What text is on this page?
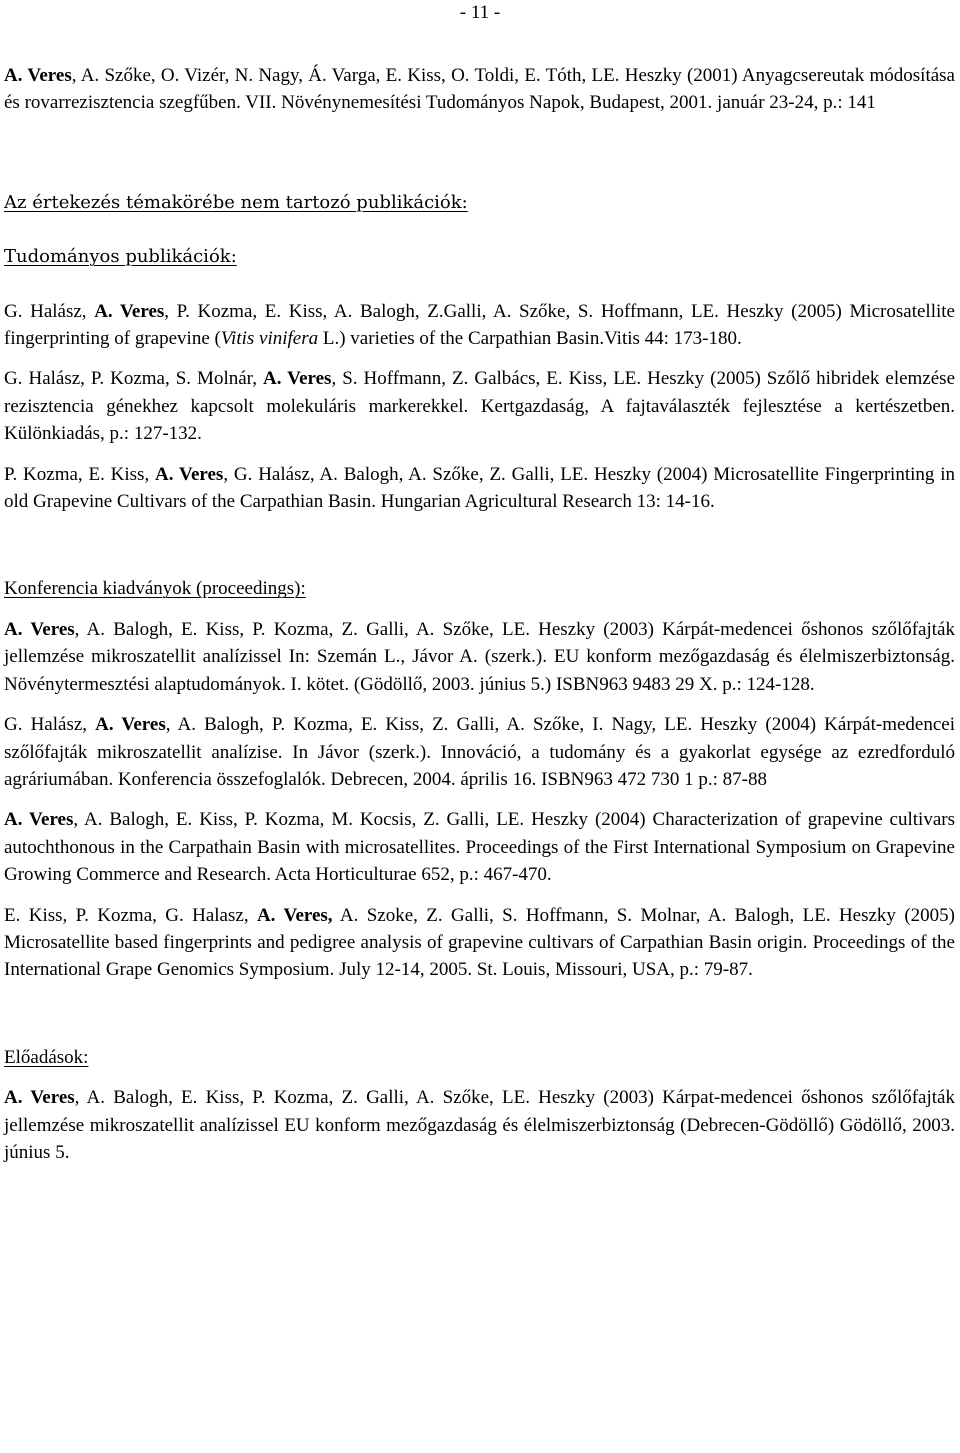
- 11 -

A. Veres, A. Szőke, O. Vizér, N. Nagy, Á. Varga, E. Kiss, O. Toldi, E. Tóth, LE. Heszky (2001) Anyagcsereutak módosítása és rovarrezisztencia szegfűben. VII. Növénynemesítési Tudományos Napok, Budapest, 2001. január 23-24, p.: 141

Az értekezés témakörébe nem tartozó publikációk:

Tudományos publikációk:

G. Halász, A. Veres, P. Kozma, E. Kiss, A. Balogh, Z.Galli, A. Szőke, S. Hoffmann, LE. Heszky (2005) Microsatellite fingerprinting of grapevine (Vitis vinifera L.) varieties of the Carpathian Basin.Vitis 44: 173-180.

G. Halász, P. Kozma, S. Molnár, A. Veres, S. Hoffmann, Z. Galbács, E. Kiss, LE. Heszky (2005) Szőlő hibridek elemzése rezisztencia génekhez kapcsolt molekuláris markerekkel. Kertgazdaság, A fajtaválaszték fejlesztése a kertészetben. Különkiadás, p.: 127-132.

P. Kozma, E. Kiss, A. Veres, G. Halász, A. Balogh, A. Szőke, Z. Galli, LE. Heszky (2004) Microsatellite Fingerprinting in old Grapevine Cultivars of the Carpathian Basin. Hungarian Agricultural Research 13: 14-16.

Konferencia kiadványok (proceedings):

A. Veres, A. Balogh, E. Kiss, P. Kozma, Z. Galli, A. Szőke, LE. Heszky (2003) Kárpát-medencei őshonos szőlőfajták jellemzése mikroszatellit analízissel In: Szemán L., Jávor A. (szerk.). EU konform mezőgazdaság és élelmiszerbiztonság. Növénytermesztési alaptudományok. I. kötet. (Gödöllő, 2003. június 5.) ISBN963 9483 29 X. p.: 124-128.

G. Halász, A. Veres, A. Balogh, P. Kozma, E. Kiss, Z. Galli, A. Szőke, I. Nagy, LE. Heszky (2004) Kárpát-medencei szőlőfajták mikroszatellit analízise. In Jávor (szerk.). Innováció, a tudomány és a gyakorlat egysége az ezredforduló agráriumában. Konferencia összefoglalók. Debrecen, 2004. április 16. ISBN963 472 730 1 p.: 87-88

A. Veres, A. Balogh, E. Kiss, P. Kozma, M. Kocsis, Z. Galli, LE. Heszky (2004) Characterization of grapevine cultivars autochthonous in the Carpathain Basin with microsatellites. Proceedings of the First International Symposium on Grapevine Growing Commerce and Research. Acta Horticulturae 652, p.: 467-470.

E. Kiss, P. Kozma, G. Halasz, A. Veres, A. Szoke, Z. Galli, S. Hoffmann, S. Molnar, A. Balogh, LE. Heszky (2005) Microsatellite based fingerprints and pedigree analysis of grapevine cultivars of Carpathian Basin origin. Proceedings of the International Grape Genomics Symposium. July 12-14, 2005. St. Louis, Missouri, USA, p.: 79-87.

Előadások:

A. Veres, A. Balogh, E. Kiss, P. Kozma, Z. Galli, A. Szőke, LE. Heszky (2003) Kárpat-medencei őshonos szőlőfajták jellemzése mikroszatellit analízissel EU konform mezőgazdaság és élelmiszerbiztonság (Debrecen-Gödöllő) Gödöllő, 2003. június 5.
